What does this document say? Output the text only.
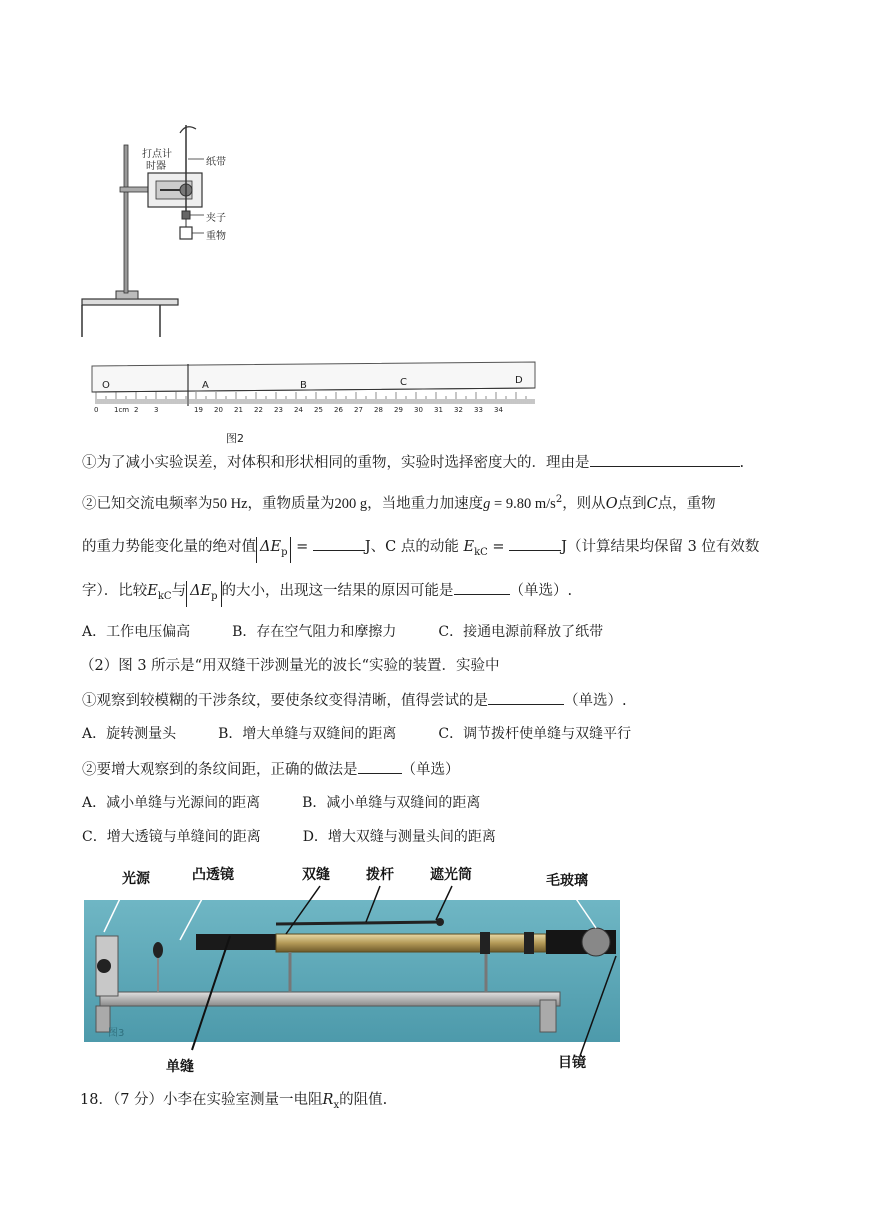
打点计
时器	纸带
夹子
重物
O	A	B	C	D
0 1cm 2 3	19 20 21 22 23 24 25 26 27 28 29 30 31 32 33 34
图2
①为了减小实验误差，对体积和形状相同的重物，实验时选择密度大的．理由是	.
②已知交流电频率为50 Hz，重物质量为200 g，当地重力加速度g = 9.80 $m/s^2$，则从O点到C点，重物
的重力势能变化量的绝对值 $\Delta E_p$ =	J、C 点的动能 $E_{kC}$ =	J（计算结果均保留 3 位有效数
字）．比较$E_{kC}$与 $\Delta E_p$ 的大小，出现这一结果的原因可能是	（单选）.
A．工作电压偏高　　　B．存在空气阻力和摩擦力　　　C．接通电源前释放了纸带
（2）图 3 所示是“用双缝干涉测量光的波长“实验的装置．实验中
①观察到较模糊的干涉条纹，要使条纹变得清晰，值得尝试的是	（单选）.
A．旋转测量头　　　B．增大单缝与双缝间的距离　　　C．调节拨杆使单缝与双缝平行
②要增大观察到的条纹间距，正确的做法是	（单选）
A．减小单缝与光源间的距离　　　B．减小单缝与双缝间的距离
C．增大透镜与单缝间的距离　　　D．增大双缝与测量头间的距离
光源	凸透镜	双缝	拨杆	遮光筒	毛玻璃
单缝	目镜
图3
18．（7 分）小李在实验室测量一电阻$R_x$的阻值.
